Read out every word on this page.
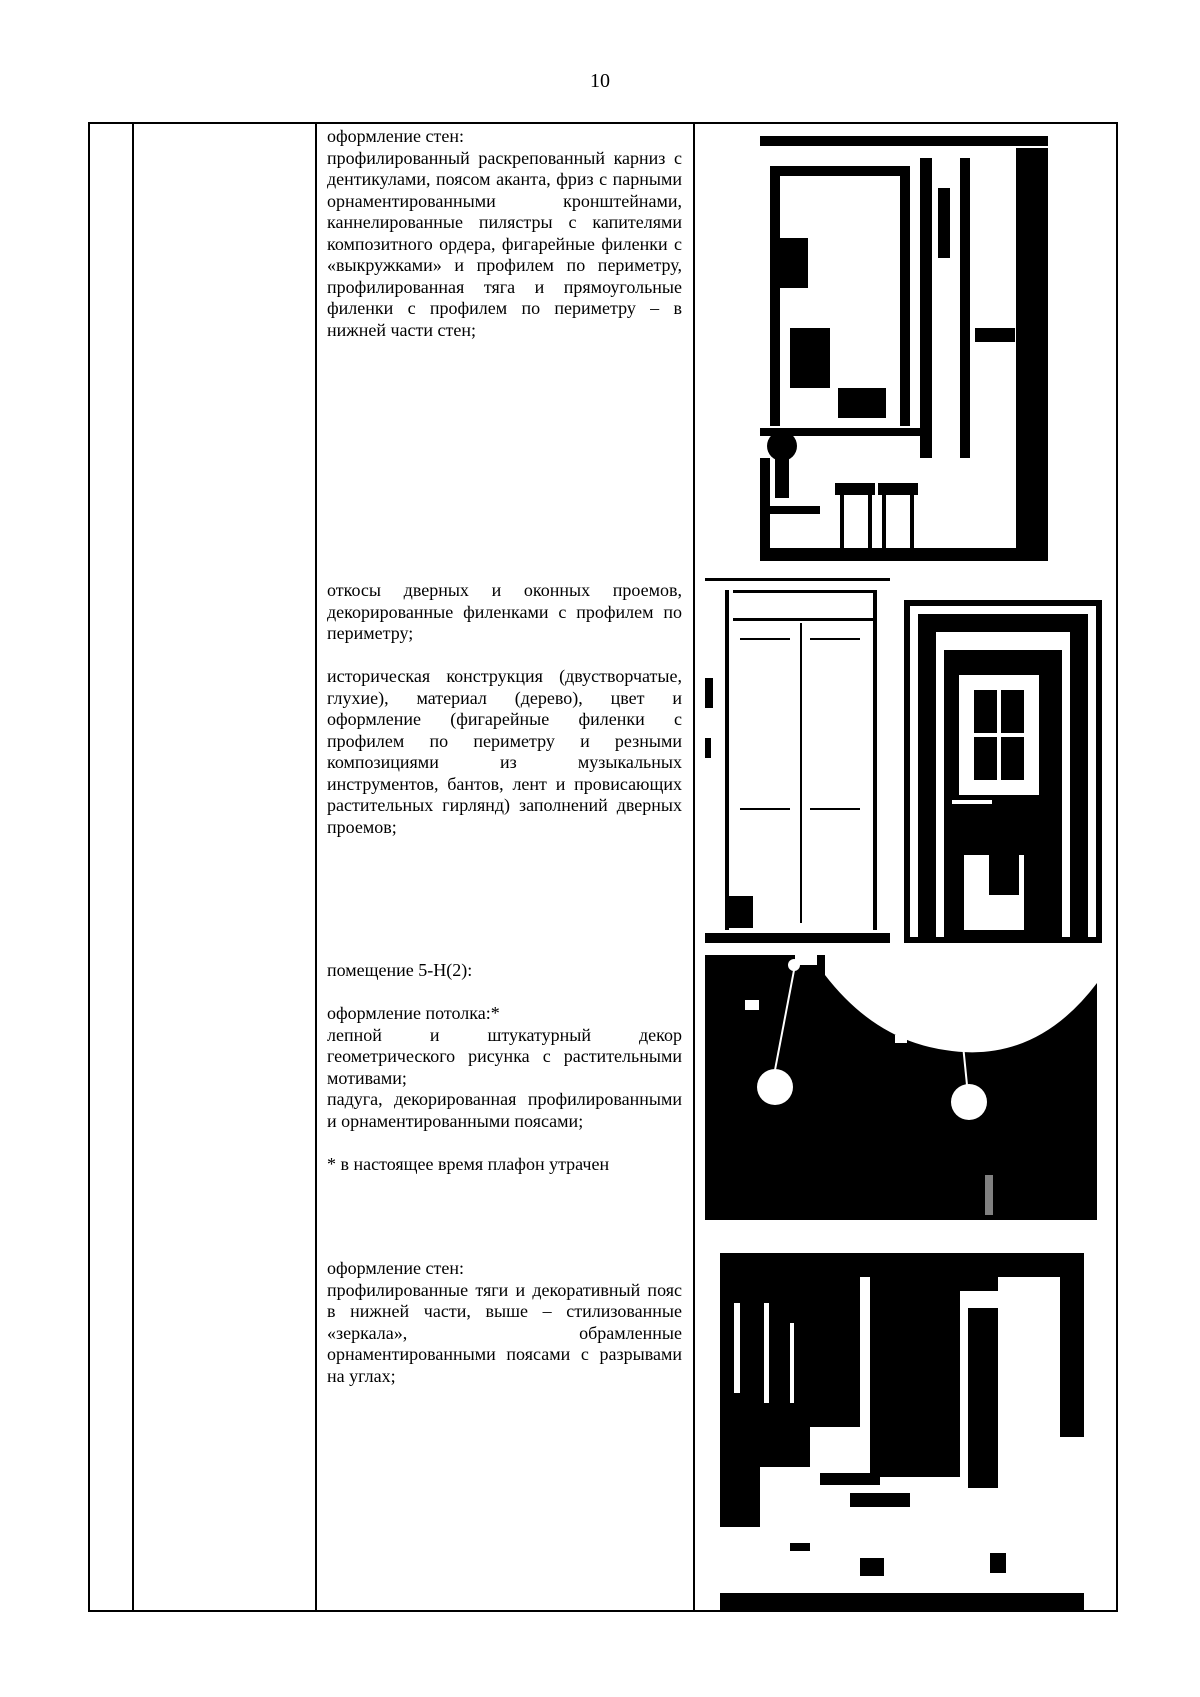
10

оформление стен:

профилированный раскрепованный карниз с дентикулами, поясом аканта, фриз с парными орнаментированными кронштейнами, каннелированные пилястры с капителями композитного ордера, фигарейные филенки с «выкружками» и профилем по периметру, профилированная тяга и прямоугольные филенки с профилем по периметру – в нижней части стен;

откосы дверных и оконных проемов, декорированные филенками с профилем по периметру;

историческая конструкция (двустворчатые, глухие), материал (дерево), цвет и оформление (фигарейные филенки с профилем по периметру и резными композициями из музыкальных инструментов, бантов, лент и провисающих растительных гирлянд) заполнений дверных проемов;

помещение 5-Н(2):

оформление потолка:*

лепной и штукатурный декор геометрического рисунка с растительными мотивами;

падуга, декорированная профилированными и орнаментированными поясами;

* в настоящее время плафон утрачен

оформление стен:

профилированные тяги и декоративный пояс в нижней части, выше – стилизованные «зеркала», обрамленные орнаментированными поясами с разрывами на углах;
